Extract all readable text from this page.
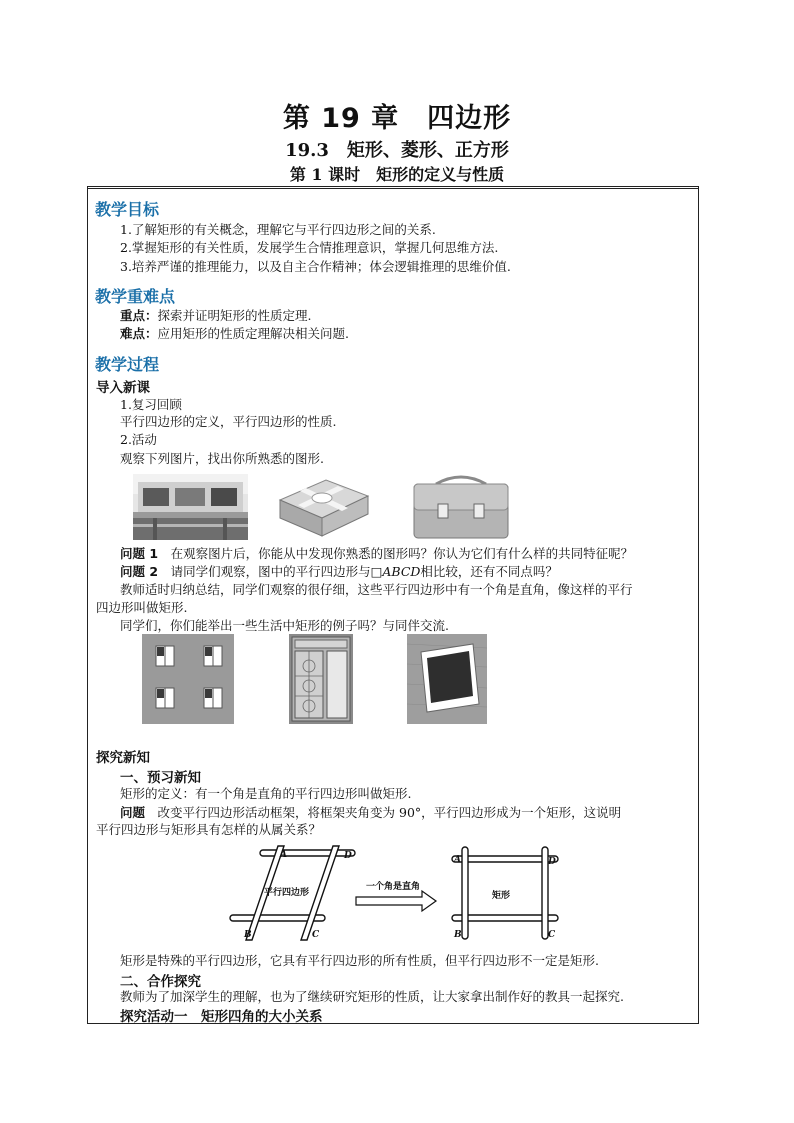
第 19 章　四边形
19.3　矩形、菱形、正方形
第 1 课时　矩形的定义与性质
教学目标
1.了解矩形的有关概念，理解它与平行四边形之间的关系.
2.掌握矩形的有关性质，发展学生合情推理意识，掌握几何思维方法.
3.培养严谨的推理能力，以及自主合作精神；体会逻辑推理的思维价值.
教学重难点
重点：探索并证明矩形的性质定理.
难点：应用矩形的性质定理解决相关问题.
教学过程
导入新课
1.复习回顾
平行四边形的定义，平行四边形的性质.
2.活动
观察下列图片，找出你所熟悉的图形.
问题 1　在观察图片后，你能从中发现你熟悉的图形吗？你认为它们有什么样的共同特征呢？
问题 2　请同学们观察，图中的平行四边形与□ABCD相比较，还有不同点吗？
教师适时归纳总结，同学们观察的很仔细，这些平行四边形中有一个角是直角，像这样的平行
四边形叫做矩形.
同学们，你们能举出一些生活中矩形的例子吗？与同伴交流.
探究新知
一、预习新知
矩形的定义：有一个角是直角的平行四边形叫做矩形.
问题　改变平行四边形活动框架，将框架夹角变为 90°，平行四边形成为一个矩形，这说明
平行四边形与矩形具有怎样的从属关系？
A	D
B	C
A	D
B	C
平行四边形	矩形
一个角是直角
矩形是特殊的平行四边形，它具有平行四边形的所有性质，但平行四边形不一定是矩形.
二、合作探究
教师为了加深学生的理解，也为了继续研究矩形的性质，让大家拿出制作好的教具一起探究.
探究活动一　矩形四角的大小关系
